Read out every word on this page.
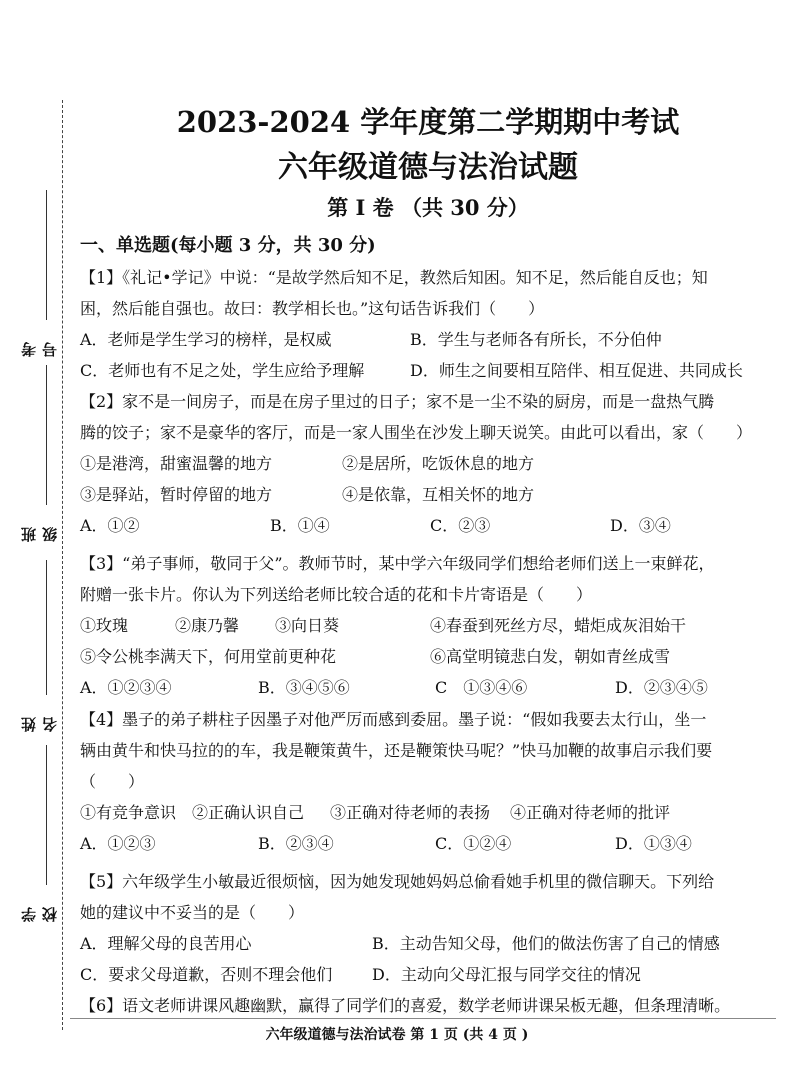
考号
班级
姓名
学校
2023-2024 学年度第二学期期中考试
六年级道德与法治试题
第 I 卷 （共 30 分）
一、单选题(每小题 3 分，共 30 分)
【1】《礼记•学记》中说：“是故学然后知不足，教然后知困。知不足，然后能自反也；知
困，然后能自强也。故曰：教学相长也。”这句话告诉我们（　　）
A．老师是学生学习的榜样，是权威	B．学生与老师各有所长，不分伯仲
C．老师也有不足之处，学生应给予理解	D．师生之间要相互陪伴、相互促进、共同成长
【2】家不是一间房子，而是在房子里过的日子；家不是一尘不染的厨房，而是一盘热气腾
腾的饺子；家不是豪华的客厅，而是一家人围坐在沙发上聊天说笑。由此可以看出，家（　　）
①是港湾，甜蜜温馨的地方	②是居所，吃饭休息的地方
③是驿站，暂时停留的地方	④是依靠，互相关怀的地方
A．①②	B．①④	C．②③	D．③④
【3】“弟子事师，敬同于父”。教师节时，某中学六年级同学们想给老师们送上一束鲜花，
附赠一张卡片。你认为下列送给老师比较合适的花和卡片寄语是（　　）
①玫瑰	②康乃馨 ③向日葵	④春蚕到死丝方尽，蜡炬成灰泪始干
⑤令公桃李满天下，何用堂前更种花	⑥高堂明镜悲白发，朝如青丝成雪
A．①②③④	B．③④⑤⑥	C　①③④⑥	D．②③④⑤
【4】墨子的弟子耕柱子因墨子对他严厉而感到委屈。墨子说：“假如我要去太行山，坐一
辆由黄牛和快马拉的的车，我是鞭策黄牛，还是鞭策快马呢？”快马加鞭的故事启示我们要
（　　）
①有竞争意识 ②正确认识自己 ③正确对待老师的表扬 ④正确对待老师的批评
A．①②③	B．②③④	C．①②④	D．①③④
【5】六年级学生小敏最近很烦恼，因为她发现她妈妈总偷看她手机里的微信聊天。下列给
她的建议中不妥当的是（　　）
A．理解父母的良苦用心	B．主动告知父母，他们的做法伤害了自己的情感
C．要求父母道歉，否则不理会他们 D．主动向父母汇报与同学交往的情况
【6】语文老师讲课风趣幽默，赢得了同学们的喜爱，数学老师讲课呆板无趣，但条理清晰。
六年级道德与法治试卷 第 1 页 (共 4 页 )
